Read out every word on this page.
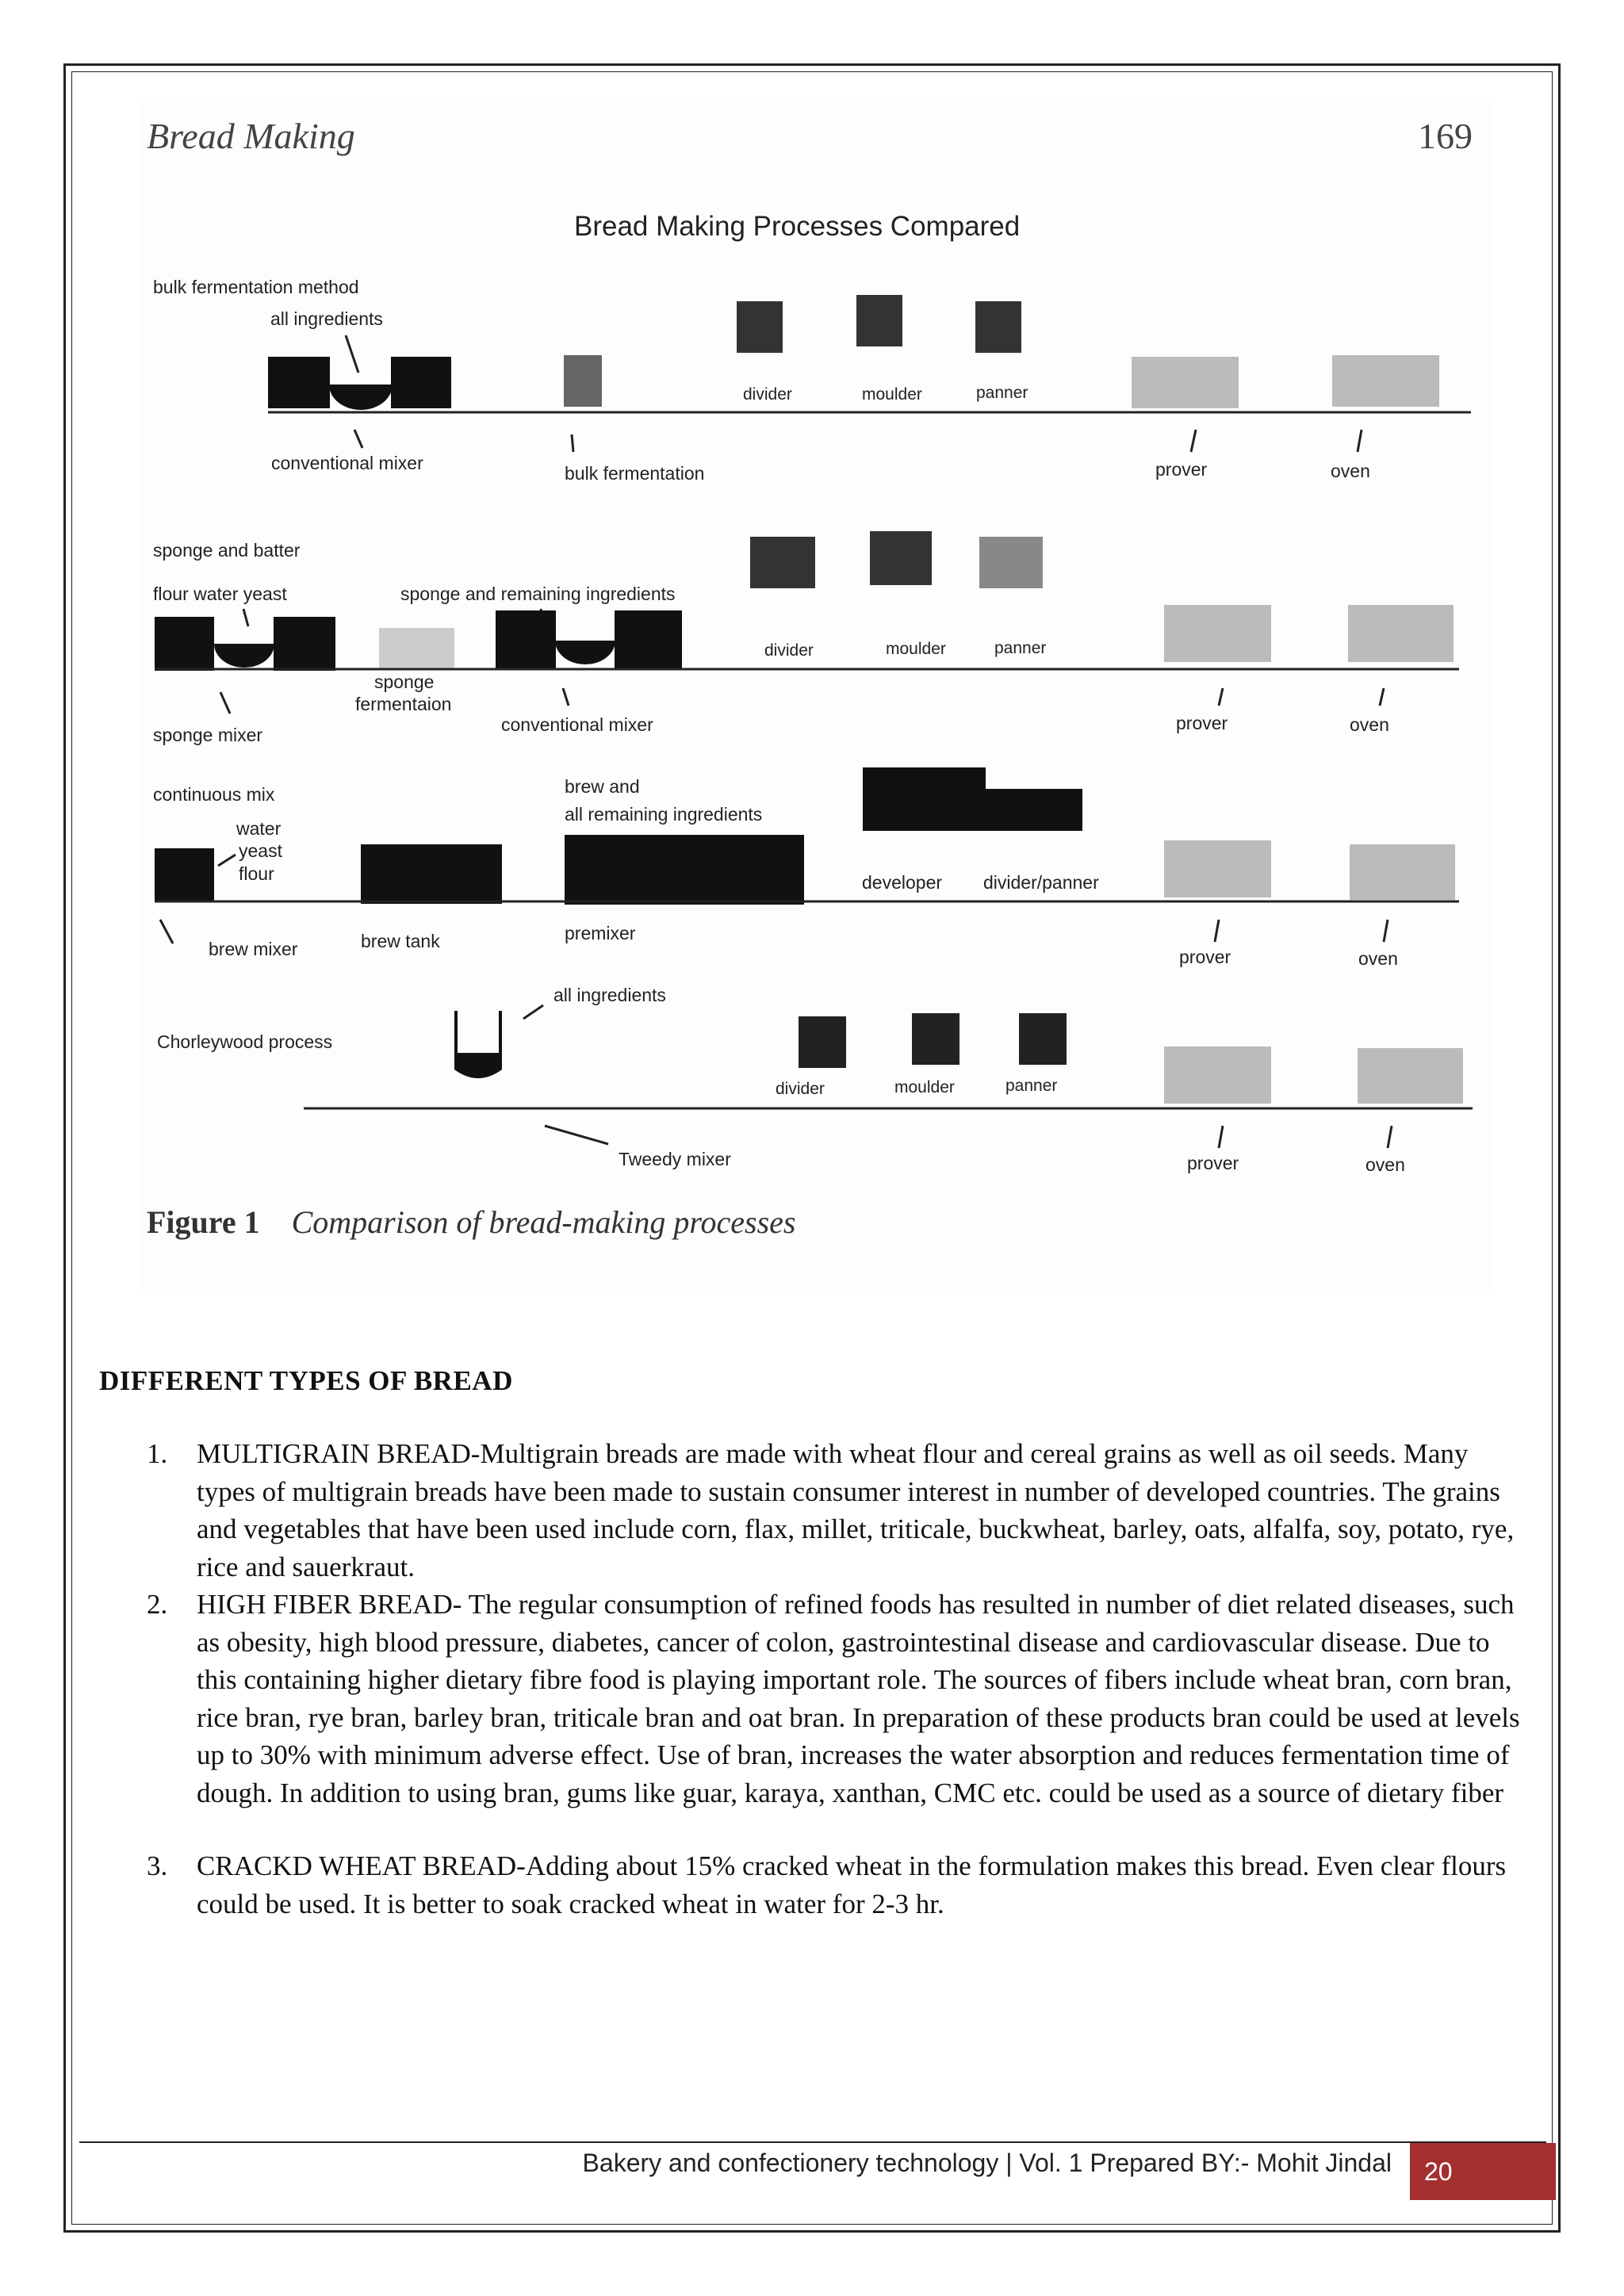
Bread Making	169
Bread Making Processes Compared
bulk fermentation method
all ingredients
divider	moulder	panner
conventional mixer	bulk fermentation	prover	oven
sponge and batter
flour water yeast	sponge and remaining ingredients
divider	moulder	panner
sponge mixer
sponge
fermentaion
conventional mixer	prover	oven
continuous mix
water
yeast
flour
brew and
all remaining ingredients
developer divider/panner
brew mixer	brew tank	premixer
prover	oven
Chorleywood process
all ingredients
divider	moulder	panner
Tweedy mixer	prover	oven
Figure 1 Comparison of bread-making processes
DIFFERENT TYPES OF BREAD
1. MULTIGRAIN BREAD-Multigrain breads are made with wheat flour and cereal grains as well as oil seeds. Many types of multigrain breads have been made to sustain consumer interest in number of developed countries. The grains and vegetables that have been used include corn, flax, millet, triticale, buckwheat, barley, oats, alfalfa, soy, potato, rye, rice and sauerkraut.
2. HIGH FIBER BREAD- The regular consumption of refined foods has resulted in number of diet related diseases, such as obesity, high blood pressure, diabetes, cancer of colon, gastrointestinal disease and cardiovascular disease. Due to this containing higher dietary fibre food is playing important role. The sources of fibers include wheat bran, corn bran, rice bran, rye bran, barley bran, triticale bran and oat bran. In preparation of these products bran could be used at levels up to 30% with minimum adverse effect. Use of bran, increases the water absorption and reduces fermentation time of dough. In addition to using bran, gums like guar, karaya, xanthan, CMC etc. could be used as a source of dietary fiber
3. CRACKD WHEAT BREAD-Adding about 15% cracked wheat in the formulation makes this bread. Even clear flours could be used. It is better to soak cracked wheat in water for 2-3 hr.
Bakery and confectionery technology | Vol. 1 Prepared BY:- Mohit Jindal	20
